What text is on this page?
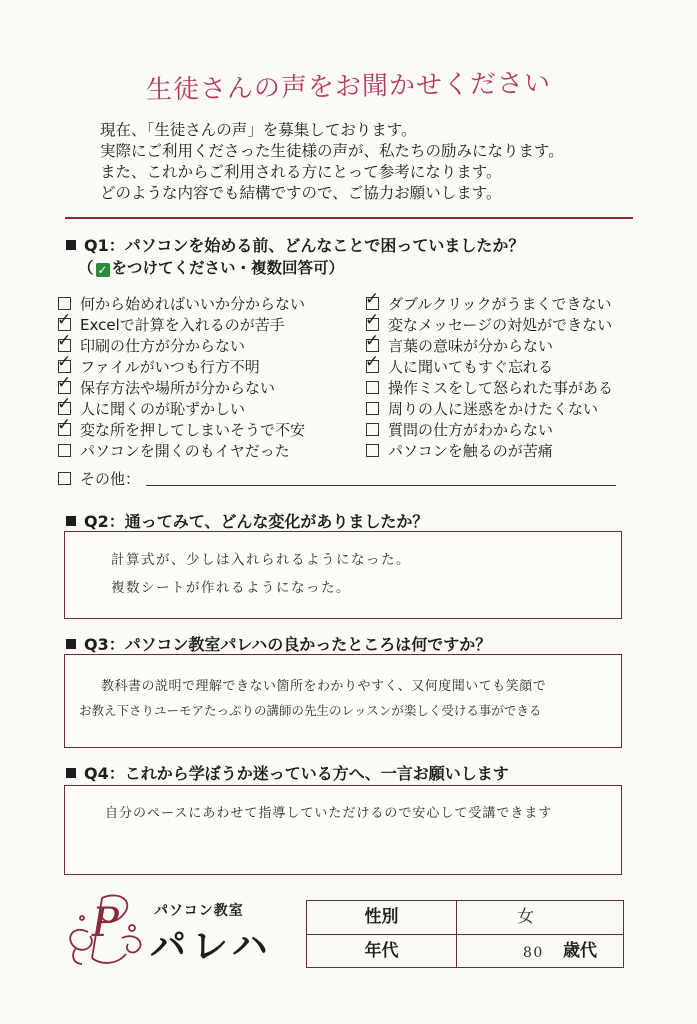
生徒さんの声をお聞かせください
現在、「生徒さんの声」を募集しております。
実際にご利用くださった生徒様の声が、私たちの励みになります。
また、これからご利用される方にとって参考になります。
どのような内容でも結構ですので、ご協力お願いします。
Q1：パソコンを始める前、どんなことで困っていましたか？
（ ✓ をつけてください・複数回答可）
何から始めればいいか分からない
✓ Excelで計算を入れるのが苦手
✓ 印刷の仕方が分からない
✓ ファイルがいつも行方不明
✓ 保存方法や場所が分からない
✓ 人に聞くのが恥ずかしい
✓ 変な所を押してしまいそうで不安
パソコンを開くのもイヤだった
✓ ダブルクリックがうまくできない
✓ 変なメッセージの対処ができない
✓ 言葉の意味が分からない
✓ 人に聞いてもすぐ忘れる
操作ミスをして怒られた事がある
周りの人に迷惑をかけたくない
質問の仕方がわからない
パソコンを触るのが苦痛
その他：
Q2：通ってみて、どんな変化がありましたか？
計算式が、少しは入れられるようになった。
複数シートが作れるようになった。
Q3：パソコン教室パレハの良かったところは何ですか？
教科書の説明で理解できない箇所をわかりやすく、又何度聞いても笑顔で
お教え下さりユーモアたっぷりの講師の先生のレッスンが楽しく受ける事ができる
Q4：これから学ぼうか迷っている方へ、一言お願いします
自分のペースにあわせて指導していただけるので安心して受講できます
P	パソコン教室
パレハ
性別	女
年代	80 歳代
